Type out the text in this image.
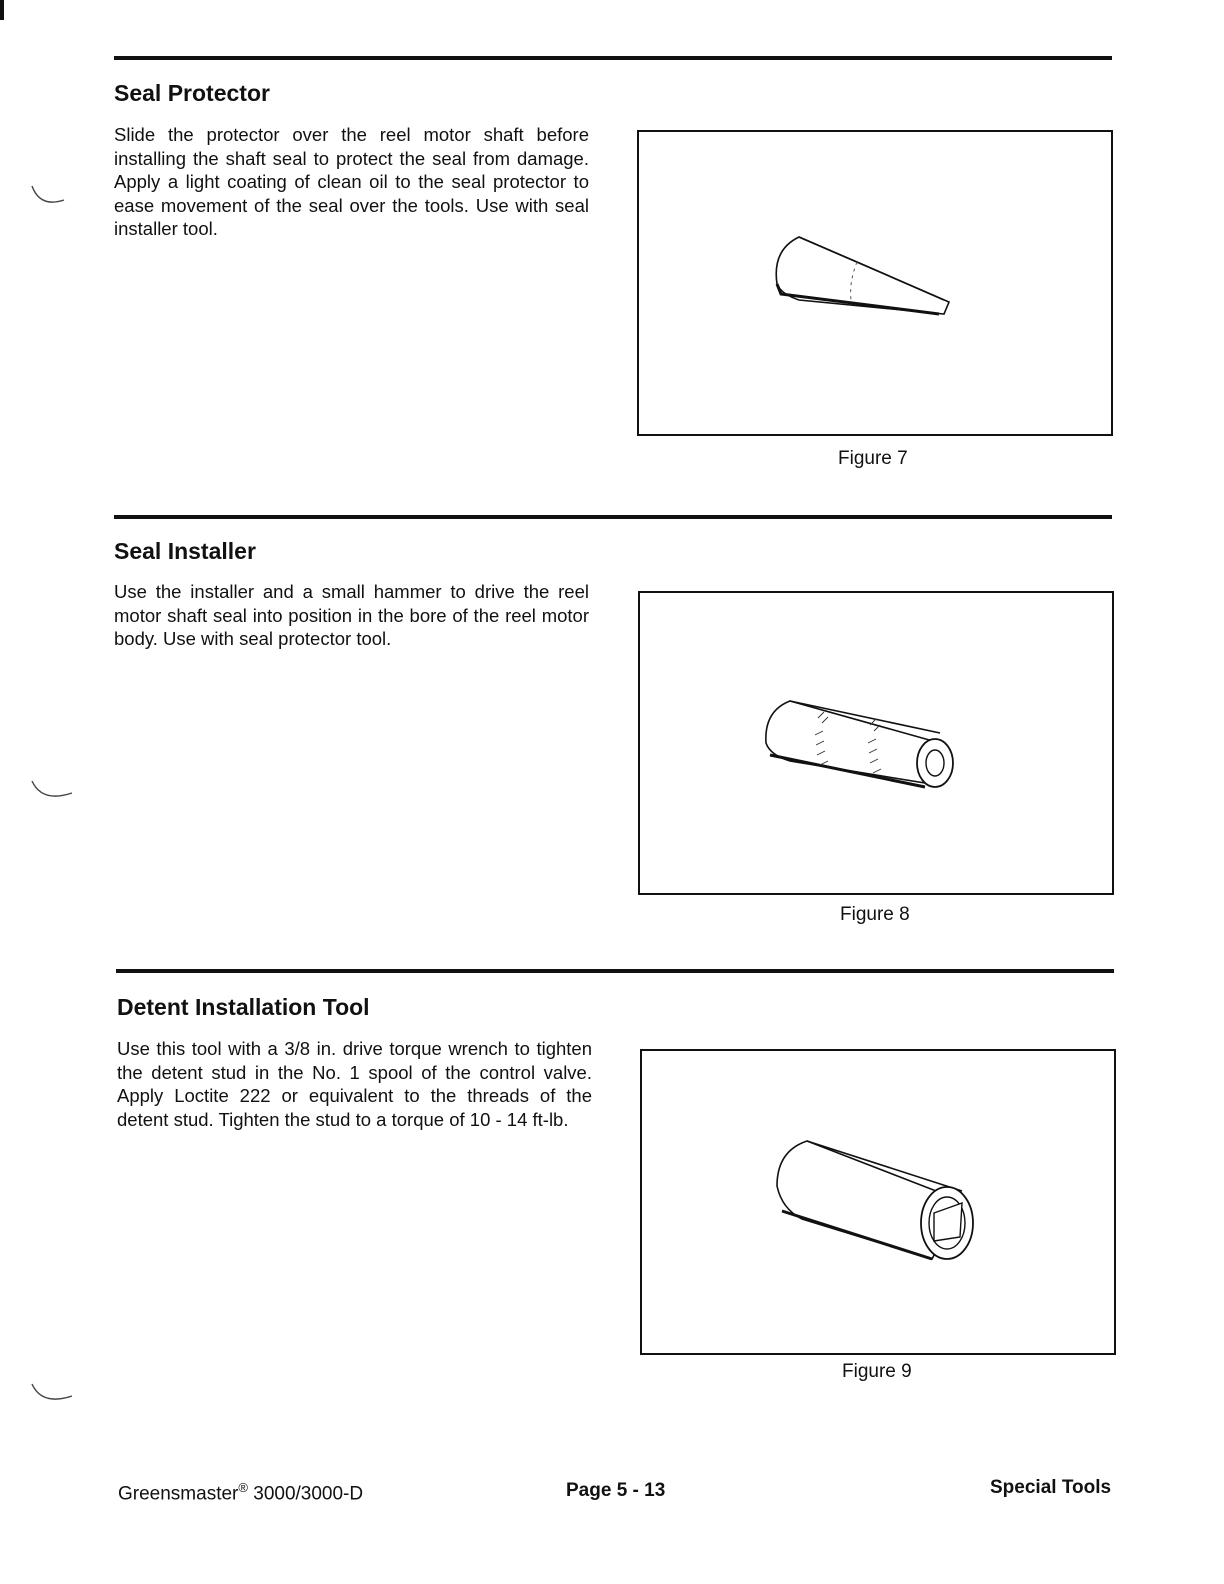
Seal Protector

Slide the protector over the reel motor shaft before installing the shaft seal to protect the seal from damage. Apply a light coating of clean oil to the seal protector to ease movement of the seal over the tools. Use with seal installer tool.

Figure 7
Seal Installer

Use the installer and a small hammer to drive the reel motor shaft seal into position in the bore of the reel motor body. Use with seal protector tool.

Figure 8
Detent Installation Tool

Use this tool with a 3/8 in. drive torque wrench to tighten the detent stud in the No. 1 spool of the control valve. Apply Loctite 222 or equivalent to the threads of the detent stud. Tighten the stud to a torque of 10 - 14 ft-lb.

Figure 9
Greensmaster® 3000/3000-D	Page 5 - 13	Special Tools
